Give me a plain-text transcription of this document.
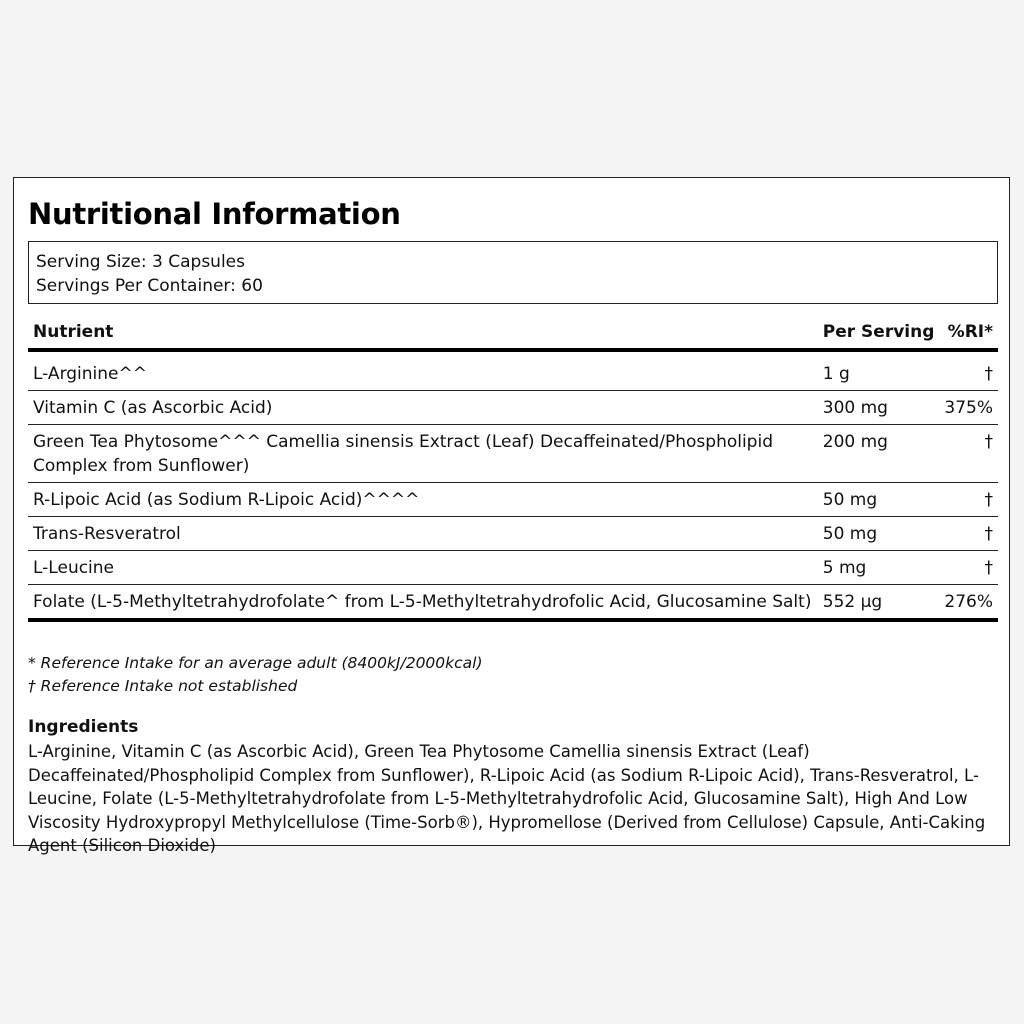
Nutritional Information
Serving Size: 3 Capsules
Servings Per Container: 60
Nutrient	Per Serving	%RI*
L-Arginine^^	1 g	†
Vitamin C (as Ascorbic Acid)	300 mg	375%
Green Tea Phytosome^^^ Camellia sinensis Extract (Leaf) Decaffeinated/Phospholipid Complex from Sunflower)	200 mg	†
R-Lipoic Acid (as Sodium R-Lipoic Acid)^^^^	50 mg	†
Trans-Resveratrol	50 mg	†
L-Leucine	5 mg	†
Folate (L-5-Methyltetrahydrofolate^ from L-5-Methyltetrahydrofolic Acid, Glucosamine Salt)	552 µg	276%
* Reference Intake for an average adult (8400kJ/2000kcal)
† Reference Intake not established
Ingredients
L-Arginine, Vitamin C (as Ascorbic Acid), Green Tea Phytosome Camellia sinensis Extract (Leaf) Decaffeinated/Phospholipid Complex from Sunflower), R-Lipoic Acid (as Sodium R-Lipoic Acid), Trans-Resveratrol, L-Leucine, Folate (L-5-Methyltetrahydrofolate from L-5-Methyltetrahydrofolic Acid, Glucosamine Salt), High And Low Viscosity Hydroxypropyl Methylcellulose (Time-Sorb®), Hypromellose (Derived from Cellulose) Capsule, Anti-Caking Agent (Silicon Dioxide)
